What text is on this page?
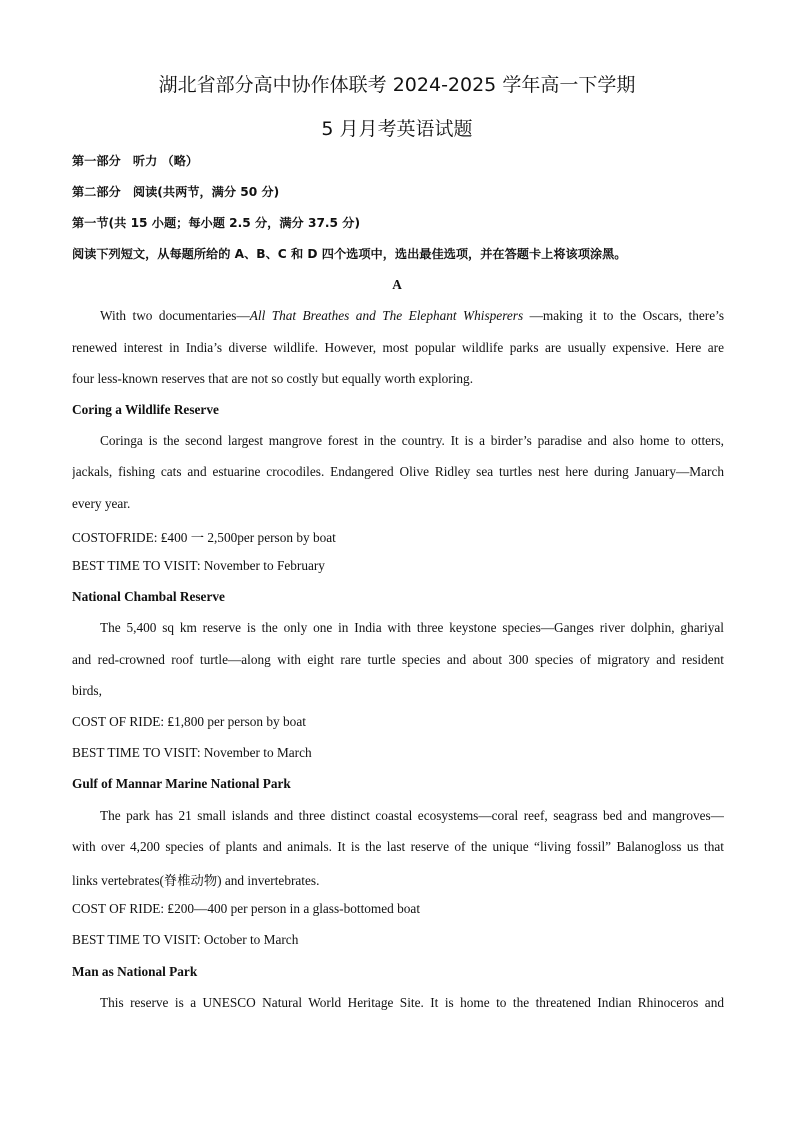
湖北省部分高中协作体联考 2024-2025 学年高一下学期
5 月月考英语试题
第一部分　听力 （略）
第二部分　阅读(共两节，满分 50 分)
第一节(共 15 小题；每小题 2.5 分，满分 37.5 分)
阅读下列短文，从每题所给的 A、B、C 和 D 四个选项中，选出最佳选项，并在答题卡上将该项涂黑。
A
With two documentaries—All That Breathes and The Elephant Whisperers —making it to the Oscars, there’s
renewed interest in India’s diverse wildlife. However, most popular wildlife parks are usually expensive. Here are
four less-known reserves that are not so costly but equally worth exploring.
Coring a Wildlife Reserve
Coringa is the second largest mangrove forest in the country. It is a birder’s paradise and also home to otters,
jackals, fishing cats and estuarine crocodiles. Endangered Olive Ridley sea turtles nest here during January—March
every year.
COSTOFRIDE: ₤400 一 2,500per person by boat
BEST TIME TO VISIT: November to February
National Chambal Reserve
The 5,400 sq km reserve is the only one in India with three keystone species—Ganges river dolphin, ghariyal
and red-crowned roof turtle—along with eight rare turtle species and about 300 species of migratory and resident
birds,
COST OF RIDE: ₤1,800 per person by boat
BEST TIME TO VISIT: November to March
Gulf of Mannar Marine National Park
The park has 21 small islands and three distinct coastal ecosystems—coral reef, seagrass bed and mangroves—
with over 4,200 species of plants and animals. It is the last reserve of the unique “living fossil” Balanogloss us that
links vertebrates(脊椎动物) and invertebrates.
COST OF RIDE: ₤200—400 per person in a glass-bottomed boat
BEST TIME TO VISIT: October to March
Man as National Park
This reserve is a UNESCO Natural World Heritage Site. It is home to the threatened Indian Rhinoceros and
